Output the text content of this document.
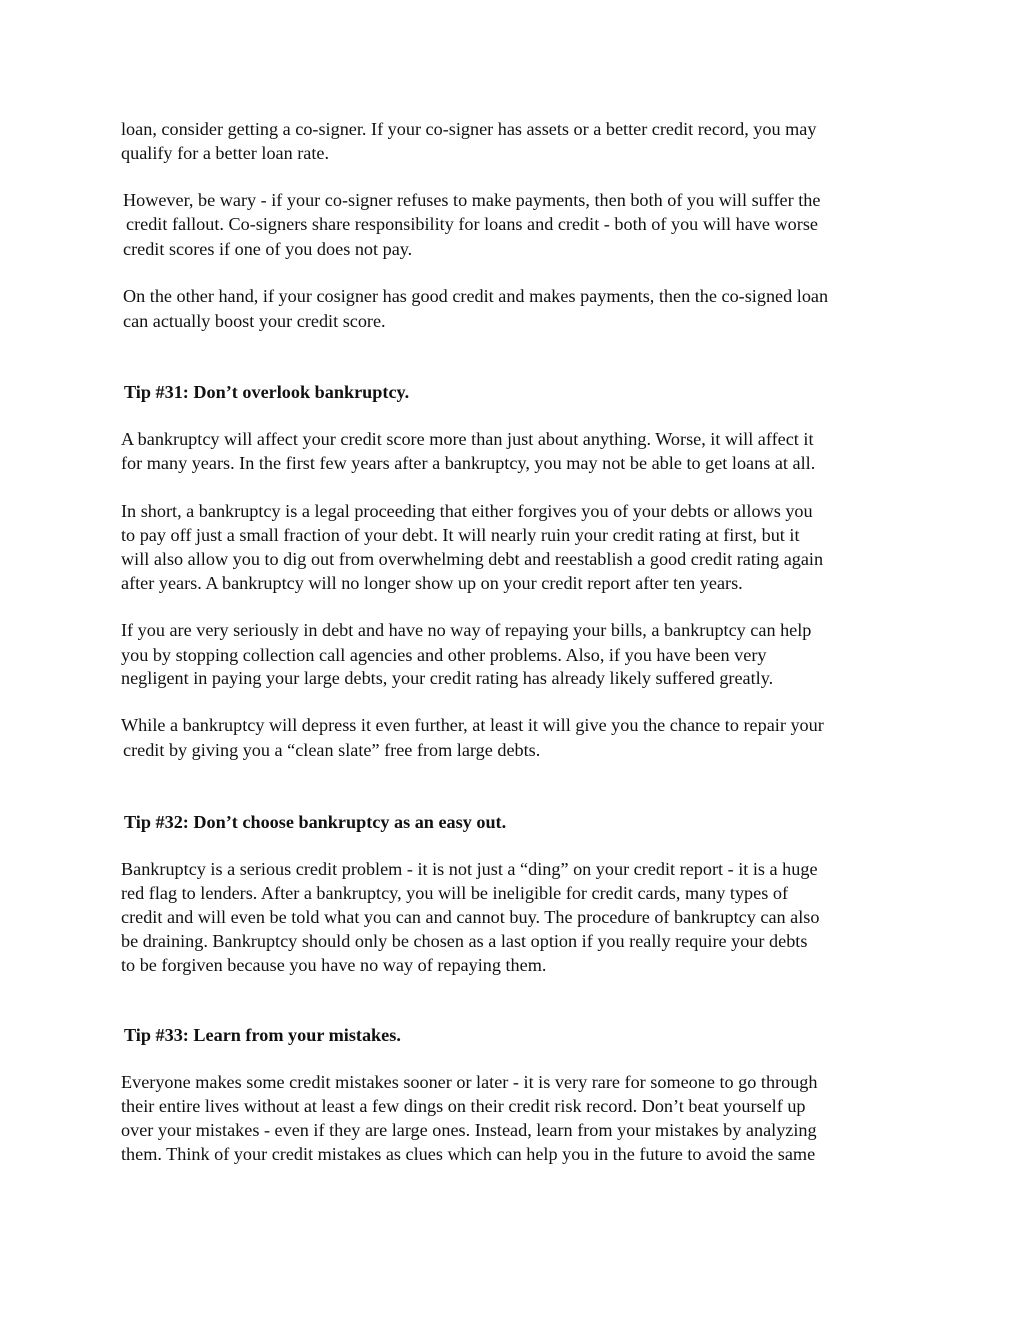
loan, consider getting a co-signer. If your co-signer has assets or a better credit record, you may

qualify for a better loan rate.

However, be wary - if your co-signer refuses to make payments, then both of you will suffer the

credit fallout. Co-signers share responsibility for loans and credit - both of you will have worse

credit scores if one of you does not pay.

On the other hand, if your cosigner has good credit and makes payments, then the co-signed loan

can actually boost your credit score.

Tip #31: Don’t overlook bankruptcy.

A bankruptcy will affect your credit score more than just about anything. Worse, it will affect it

for many years. In the first few years after a bankruptcy, you may not be able to get loans at all.

In short, a bankruptcy is a legal proceeding that either forgives you of your debts or allows you

to pay off just a small fraction of your debt. It will nearly ruin your credit rating at first, but it

will also allow you to dig out from overwhelming debt and reestablish a good credit rating again

after years. A bankruptcy will no longer show up on your credit report after ten years.

If you are very seriously in debt and have no way of repaying your bills, a bankruptcy can help

you by stopping collection call agencies and other problems. Also, if you have been very

negligent in paying your large debts, your credit rating has already likely suffered greatly.

While a bankruptcy will depress it even further, at least it will give you the chance to repair your

credit by giving you a “clean slate” free from large debts.

Tip #32: Don’t choose bankruptcy as an easy out.

Bankruptcy is a serious credit problem - it is not just a “ding” on your credit report - it is a huge

red flag to lenders. After a bankruptcy, you will be ineligible for credit cards, many types of

credit and will even be told what you can and cannot buy. The procedure of bankruptcy can also

be draining. Bankruptcy should only be chosen as a last option if you really require your debts

to be forgiven because you have no way of repaying them.

Tip #33: Learn from your mistakes.

Everyone makes some credit mistakes sooner or later - it is very rare for someone to go through

their entire lives without at least a few dings on their credit risk record. Don’t beat yourself up

over your mistakes - even if they are large ones. Instead, learn from your mistakes by analyzing

them. Think of your credit mistakes as clues which can help you in the future to avoid the same
